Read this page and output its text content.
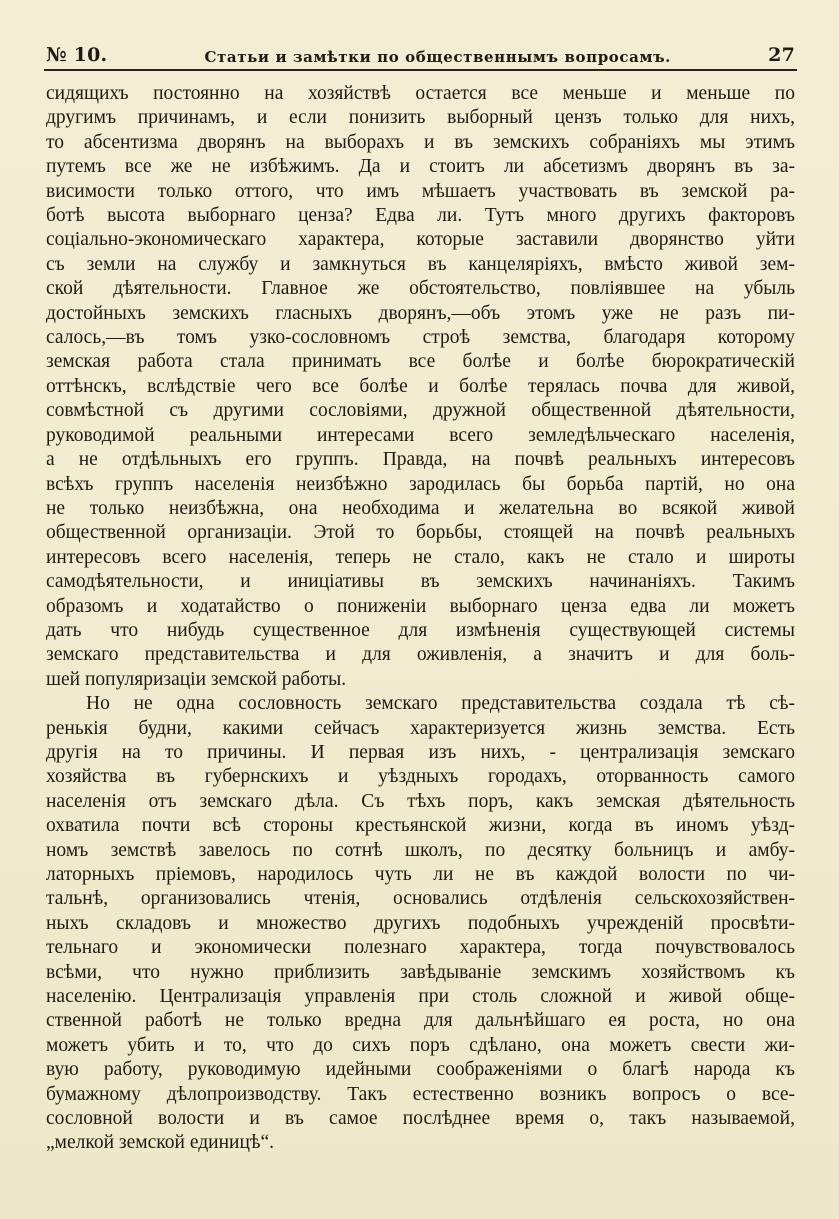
№ 10.	Статьи и замѣтки по общественнымъ вопросамъ.	27

сидящихъ постоянно на хозяйствѣ остается все меньше и меньше по
другимъ причинамъ, и если понизить выборный цензъ только для нихъ,
то абсентизма дворянъ на выборахъ и въ земскихъ собраніяхъ мы этимъ
путемъ все же не избѣжимъ. Да и стоитъ ли абсетизмъ дворянъ въ за-
висимости только оттого, что имъ мѣшаетъ участвовать въ земской ра-
ботѣ высота выборнаго ценза? Едва ли. Тутъ много другихъ факторовъ
соціально-экономическаго характера, которые заставили дворянство уйти
съ земли на службу и замкнуться въ канцеляріяхъ, вмѣсто живой зем-
ской дѣятельности. Главное же обстоятельство, повліявшее на убыль
достойныхъ земскихъ гласныхъ дворянъ,—объ этомъ уже не разъ пи-
салось,—въ томъ узко-сословномъ строѣ земства, благодаря которому
земская работа стала принимать все болѣе и болѣе бюрократическій
оттѣнскъ, вслѣдствіе чего все болѣе и болѣе терялась почва для живой,
совмѣстной съ другими сословіями, дружной общественной дѣятельности,
руководимой реальными интересами всего земледѣльческаго населенія,
а не отдѣльныхъ его группъ. Правда, на почвѣ реальныхъ интересовъ
всѣхъ группъ населенія неизбѣжно зародилась бы борьба партій, но она
не только неизбѣжна, она необходима и желательна во всякой живой
общественной организаціи. Этой то борьбы, стоящей на почвѣ реальныхъ
интересовъ всего населенія, теперь не стало, какъ не стало и широты
самодѣятельности, и иниціативы въ земскихъ начинаніяхъ. Такимъ
образомъ и ходатайство о пониженіи выборнаго ценза едва ли можетъ
дать что нибудь существенное для измѣненія существующей системы
земскаго представительства и для оживленія, а значитъ и для боль-
шей популяризаціи земской работы.

Но не одна сословность земскаго представительства создала тѣ сѣ-
ренькія будни, какими сейчасъ характеризуется жизнь земства. Есть
другія на то причины. И первая изъ нихъ, - централизація земскаго
хозяйства въ губернскихъ и уѣздныхъ городахъ, оторванность самого
населенія отъ земскаго дѣла. Съ тѣхъ поръ, какъ земская дѣятельность
охватила почти всѣ стороны крестьянской жизни, когда въ иномъ уѣзд-
номъ земствѣ завелось по сотнѣ школъ, по десятку больницъ и амбу-
латорныхъ пріемовъ, народилось чуть ли не въ каждой волости по чи-
тальнѣ, организовались чтенія, основались отдѣленія сельскохозяйствен-
ныхъ складовъ и множество другихъ подобныхъ учрежденій просвѣти-
тельнаго и экономически полезнаго характера, тогда почувствовалось
всѣми, что нужно приблизить завѣдываніе земскимъ хозяйствомъ къ
населенію. Централизація управленія при столь сложной и живой обще-
ственной работѣ не только вредна для дальнѣйшаго ея роста, но она
можетъ убить и то, что до сихъ поръ сдѣлано, она можетъ свести жи-
вую работу, руководимую идейными соображеніями о благѣ народа къ
бумажному дѣлопроизводству. Такъ естественно возникъ вопросъ о все-
сословной волости и въ самое послѣднее время о, такъ называемой,
„мелкой земской единицѣ“.
